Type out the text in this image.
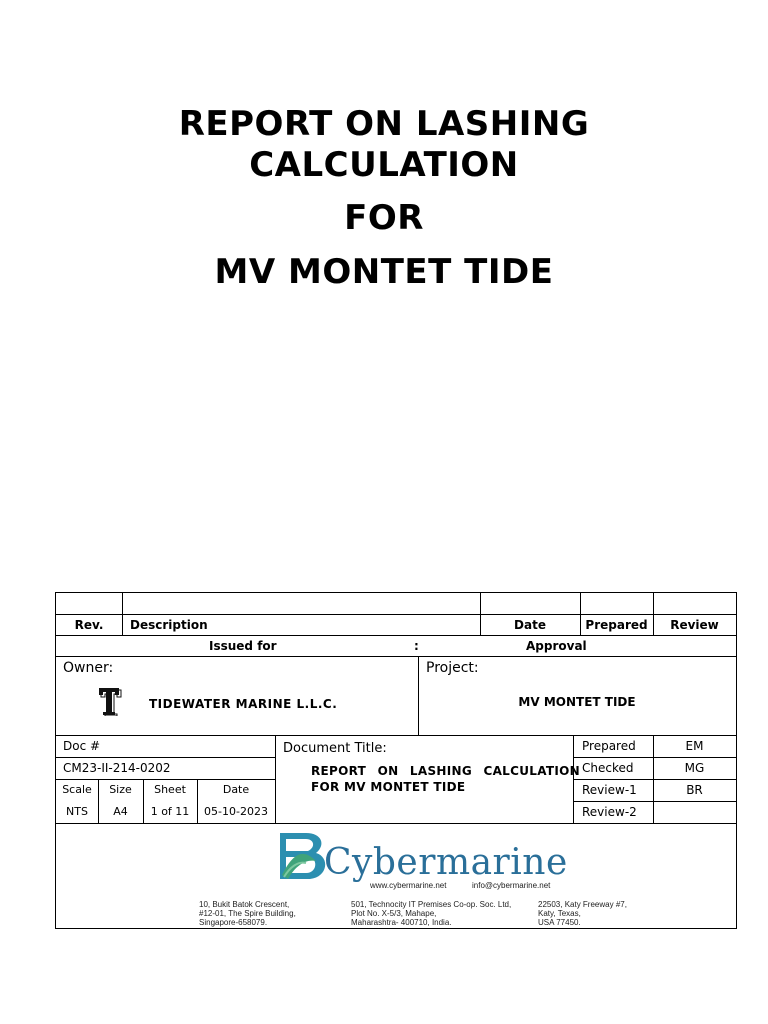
REPORT ON LASHING
CALCULATION
FOR
MV MONTET TIDE
Rev.	Description	Date	Prepared	Review
Issued for	:	Approval
Owner:
TIDEWATER MARINE L.L.C.
Project:
MV MONTET TIDE
Doc #
CM23-II-214-0202
Scale	Size	Sheet	Date
NTS	A4	1 of 11	05-10-2023
Document Title:
REPORT ON LASHING CALCULATION
FOR MV MONTET TIDE
Prepared	EM
Checked	MG
Review-1	BR
Review-2
Cybermarine
www.cybermarine.net	info@cybermarine.net
10, Bukit Batok Crescent,
#12-01, The Spire Building,
Singapore-658079.
501, Technocity IT Premises Co-op. Soc. Ltd,
Plot No. X-5/3, Mahape,
Maharashtra- 400710, India.
22503, Katy Freeway #7,
Katy, Texas,
USA 77450.
